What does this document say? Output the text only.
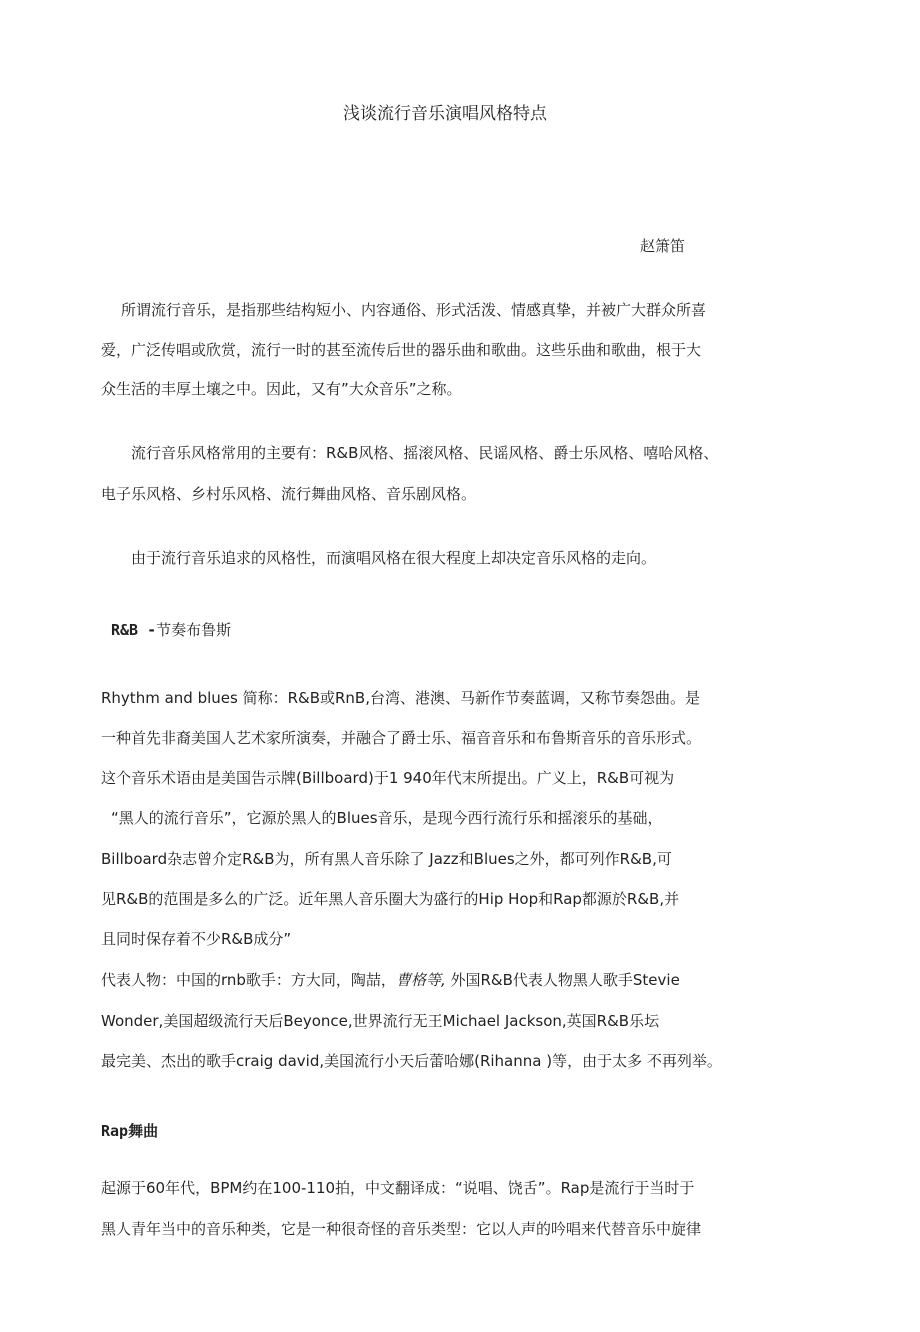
浅谈流行音乐演唱风格特点
赵箫笛
所谓流行音乐，是指那些结构短小、内容通俗、形式活泼、情感真挚，并被广大群众所喜
爱，广泛传唱或欣赏，流行一时的甚至流传后世的器乐曲和歌曲。这些乐曲和歌曲，根于大
众生活的丰厚土壤之中。因此，又有”大众音乐”之称。
流行音乐风格常用的主要有：R&B风格、摇滚风格、民谣风格、爵士乐风格、嘻哈风格、
电子乐风格、乡村乐风格、流行舞曲风格、音乐剧风格。
由于流行音乐追求的风格性，而演唱风格在很大程度上却决定音乐风格的走向。
R&B -节奏布鲁斯
Rhythm and blues 简称：R&B或RnB,台湾、港澳、马新作节奏蓝调，又称节奏怨曲。是
一种首先非裔美国人艺术家所演奏，并融合了爵士乐、福音音乐和布鲁斯音乐的音乐形式。
这个音乐术语由是美国告示牌(Billboard)于1 940年代末所提出。广义上，R&B可视为
“黑人的流行音乐”，它源於黑人的Blues音乐，是现今西行流行乐和摇滚乐的基础，
Billboard杂志曾介定R&B为，所有黑人音乐除了 Jazz和Blues之外，都可列作R&B,可
见R&B的范围是多么的广泛。近年黑人音乐圈大为盛行的Hip Hop和Rap都源於R&B,并
且同时保存着不少R&B成分”
代表人物：中国的rnb歌手：方大同，陶喆，曹格等, 外国R&B代表人物黑人歌手Stevie
Wonder,美国超级流行天后Beyonce,世界流行无王Michael Jackson,英国R&B乐坛
最完美、杰出的歌手craig david,美国流行小天后蕾哈娜(Rihanna )等，由于太多 不再列举。
Rap舞曲
起源于60年代，BPM约在100-110拍，中文翻译成：“说唱、饶舌”。Rap是流行于当时于
黑人青年当中的音乐种类，它是一种很奇怪的音乐类型：它以人声的吟唱来代替音乐中旋律
